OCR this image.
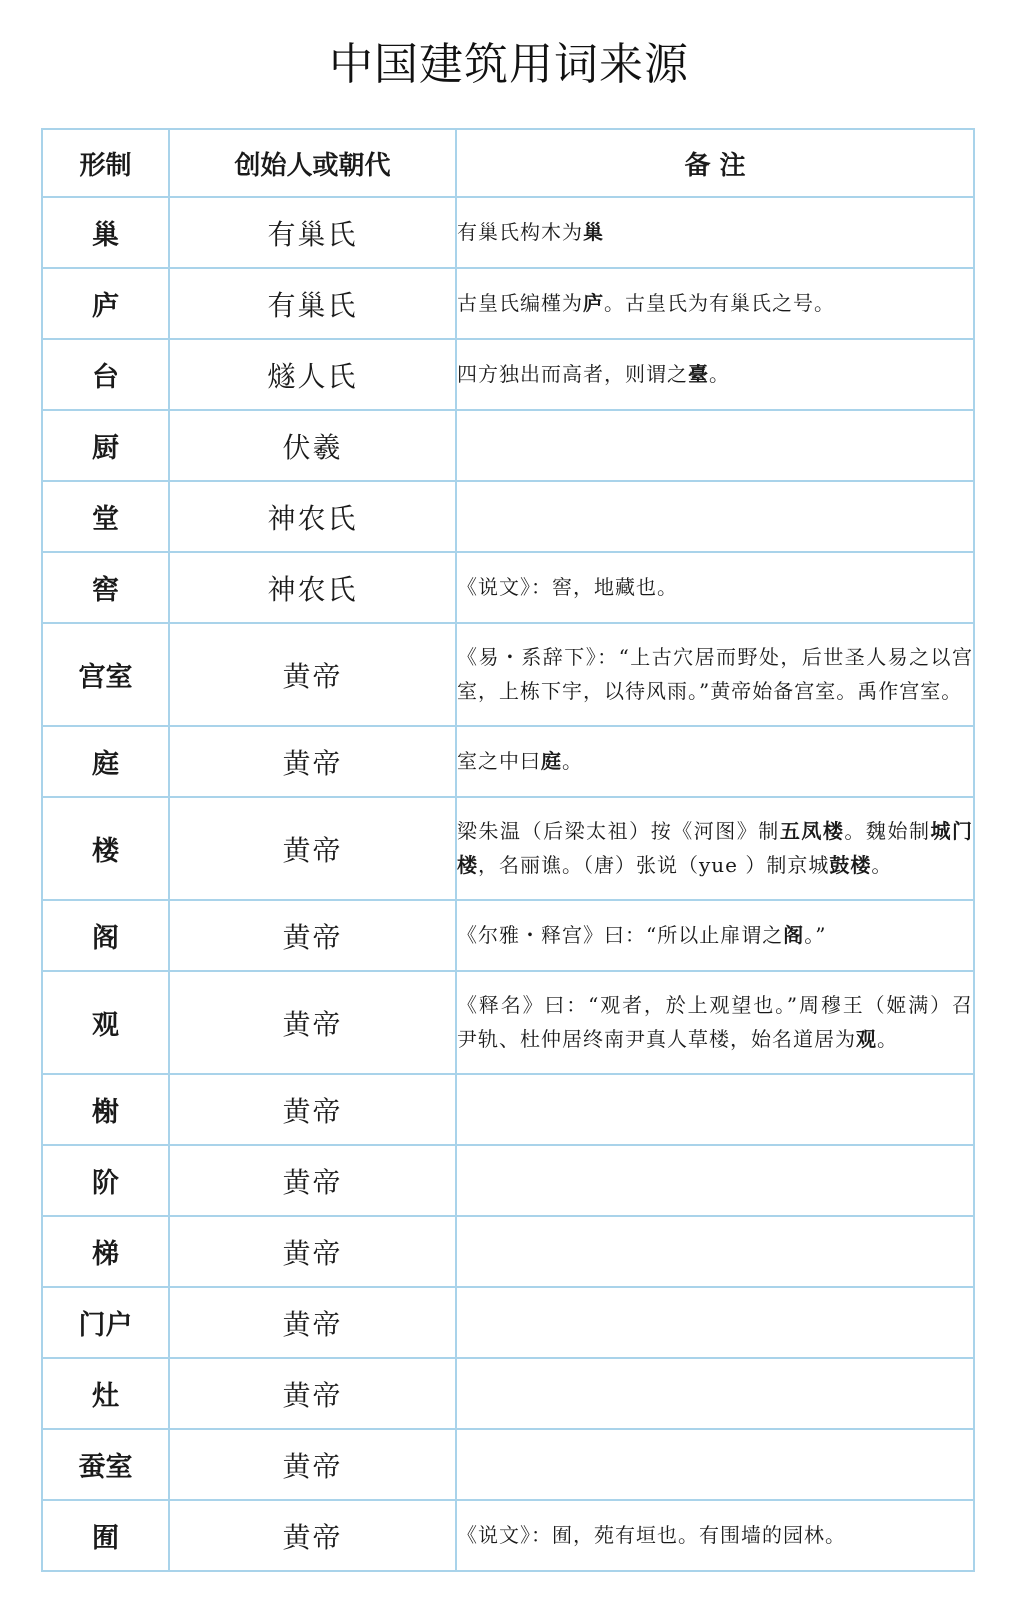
中国建筑用词来源
形制	创始人或朝代	备 注
巢	有巢氏	有巢氏构木为巢
庐	有巢氏	古皇氏编槿为庐。古皇氏为有巢氏之号。
台	燧人氏	四方独出而高者，则谓之臺。
厨	伏羲	
堂	神农氏	
窖	神农氏	《说文》：窖，地藏也。
宫室	黄帝	《易・系辞下》：“上古穴居而野处，后世圣人易之以宫室，上栋下宇，以待风雨。”黄帝始备宫室。禹作宫室。
庭	黄帝	室之中曰庭。
楼	黄帝	梁朱温（后梁太祖）按《河图》制五凤楼。魏始制城门楼，名丽谯。（唐）张说（yue ）制京城鼓楼。
阁	黄帝	《尔雅・释宫》曰：“所以止扉谓之阁。”
观	黄帝	《释名》曰：“观者，於上观望也。”周穆王（姬满）召尹轨、杜仲居终南尹真人草楼，始名道居为观。
榭	黄帝	
阶	黄帝	
梯	黄帝	
门户	黄帝	
灶	黄帝	
蚕室	黄帝	
囿	黄帝	《说文》：囿，苑有垣也。有围墙的园林。
